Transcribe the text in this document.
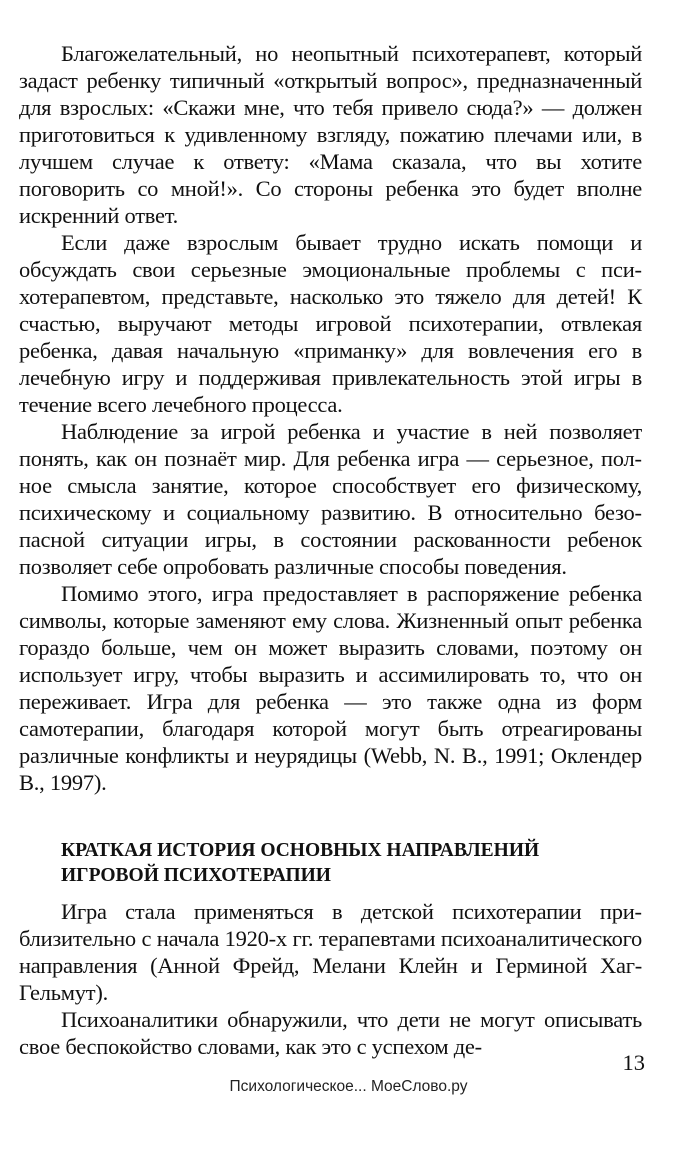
Благожелательный, но неопытный психотерапевт, который задаст ребенку типичный «открытый вопрос», предназначенный для взрослых: «Скажи мне, что тебя привело сюда?» — должен приготовиться к удивленному взгляду, пожатию плечами или, в лучшем случае к ответу: «Мама сказала, что вы хотите поговорить со мной!». Со стороны ребенка это будет вполне искренний ответ.

Если даже взрослым бывает трудно искать помощи и обсуждать свои серьезные эмоциональные проблемы с психотерапевтом, представьте, насколько это тяжело для детей! К счастью, выручают методы игровой психотерапии, отвлекая ребенка, давая начальную «приманку» для вовлечения его в лечебную игру и поддерживая привлекательность этой игры в течение всего лечебного процесса.

Наблюдение за игрой ребенка и участие в ней позволяет понять, как он познаёт мир. Для ребенка игра — серьезное, полное смысла занятие, которое способствует его физическому, психическому и социальному развитию. В относительно безопасной ситуации игры, в состоянии раскованности ребенок позволяет себе опробовать различные способы поведения.

Помимо этого, игра предоставляет в распоряжение ребенка символы, которые заменяют ему слова. Жизненный опыт ребенка гораздо больше, чем он может выразить словами, поэтому он использует игру, чтобы выразить и ассимилировать то, что он переживает. Игра для ребенка — это также одна из форм самотерапии, благодаря которой могут быть отреагированы различные конфликты и неурядицы (Webb, N. B., 1991; Оклендер В., 1997).

КРАТКАЯ ИСТОРИЯ ОСНОВНЫХ НАПРАВЛЕНИЙ
ИГРОВОЙ ПСИХОТЕРАПИИ

Игра стала применяться в детской психотерапии приблизительно с начала 1920-х гг. терапевтами психоаналитического направления (Анной Фрейд, Мелани Клейн и Герминой Хаг-Гельмут).

Психоаналитики обнаружили, что дети не могут описывать свое беспокойство словами, как это с успехом де-

13
Психологическое... МоеСлово.ру
